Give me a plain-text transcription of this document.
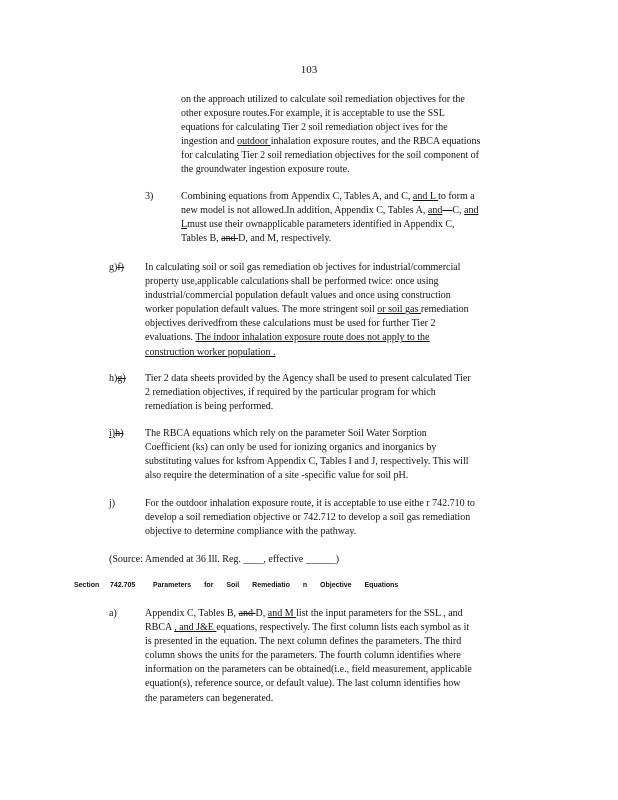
103
on the approach utilized to calculate soil remediation objectives for the
other exposure routes.For example, it is acceptable to use the SSL
equations for calculating Tier 2 soil remediation object ives for the
ingestion and outdoor inhalation exposure routes, and the RBCA equations
for calculating Tier 2 soil remediation objectives for the soil component of
the groundwater ingestion exposure route.
3)	Combining equations from Appendix C, Tables A, and C, and L to form a
new model is not allowed.In addition, Appendix C, Tables A, and C, and
Lmust use their ownapplicable parameters identified in Appendix C,
Tables B, and D, and M, respectively.
g)f) In calculating soil or soil gas remediation ob jectives for industrial/commercial
property use,applicable calculations shall be performed twice: once using
industrial/commercial population default values and once using construction
worker population default values. The more stringent soil or soil gas remediation
objectives derivedfrom these calculations must be used for further Tier 2
evaluations. The indoor inhalation exposure route does not apply to the
construction worker population .
h)g) Tier 2 data sheets provided by the Agency shall be used to present calculated Tier
2 remediation objectives, if required by the particular program for which
remediation is being performed.
i)h) The RBCA equations which rely on the parameter Soil Water Sorption
Coefficient (ks) can only be used for ionizing organics and inorganics by
substituting values for ksfrom Appendix C, Tables I and J, respectively. This will
also require the determination of a site -specific value for soil pH.
j)	For the outdoor inhalation exposure route, it is acceptable to use eithe r 742.710 to
develop a soil remediation objective or 742.712 to develop a soil gas remediation
objective to determine compliance with the pathway.
(Source: Amended at 36 Ill. Reg. ____, effective ______)
Section 742.705	Parameters for Soil Remediatio n Objective Equations
a)	Appendix C, Tables B, and D, and M list the input parameters for the SSL , and
RBCA , and J&E equations, respectively. The first column lists each symbol as it
is presented in the equation. The next column defines the parameters. The third
column shows the units for the parameters. The fourth column identifies where
information on the parameters can be obtained(i.e., field measurement, applicable
equation(s), reference source, or default value). The last column identifies how
the parameters can begenerated.
